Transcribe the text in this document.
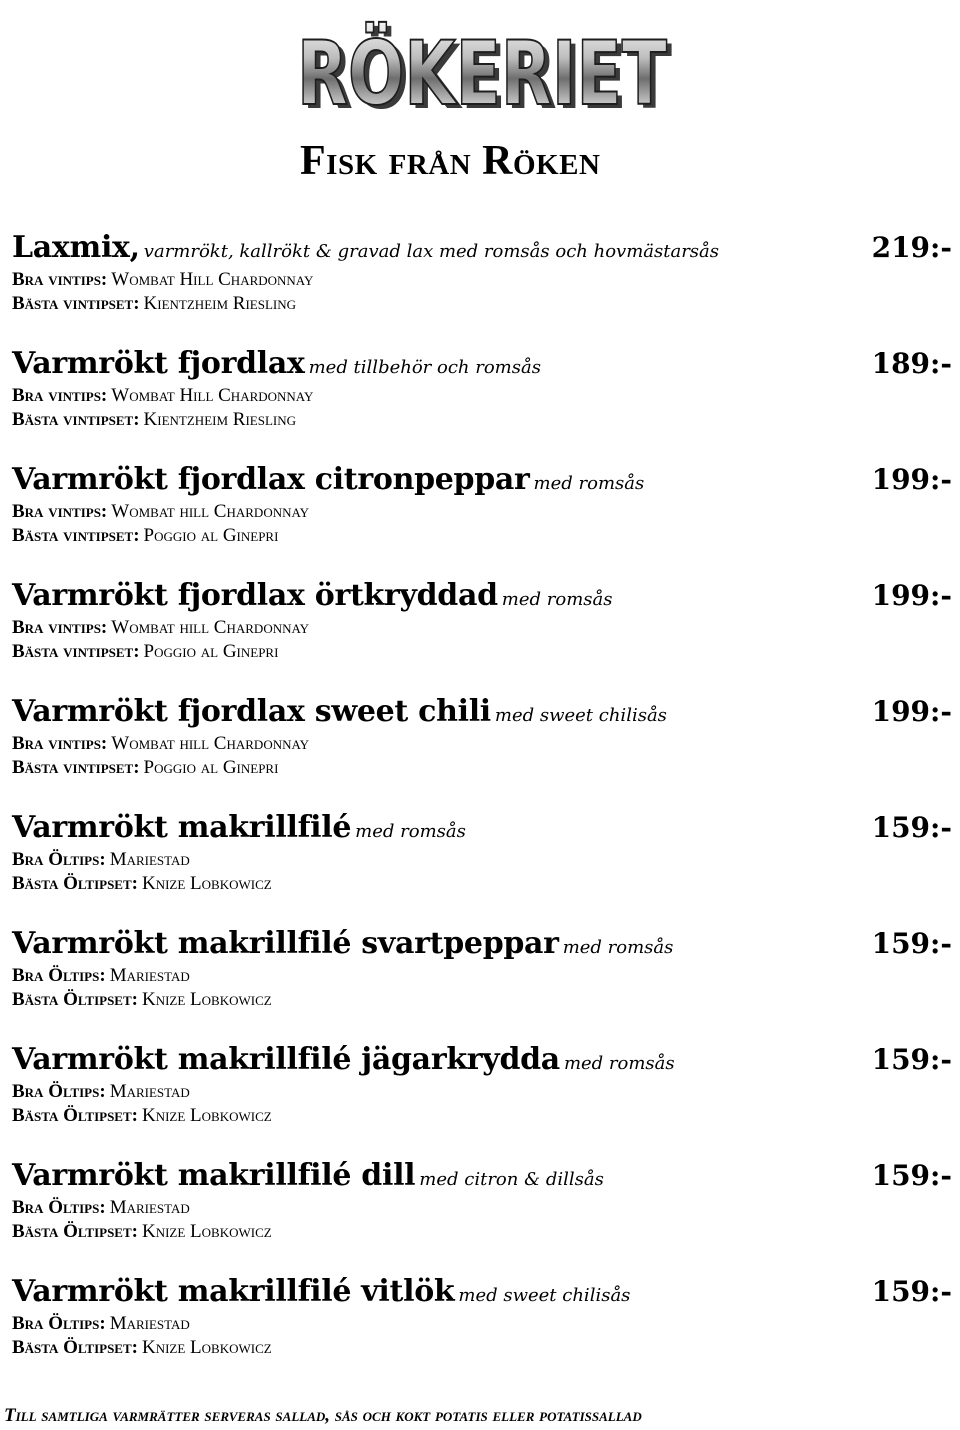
RÖKERIET
RÖKERIET
Fisk från Röken
Laxmix, varmrökt, kallrökt & gravad lax med romsås och hovmästarsås	219:-
Bra vintips: Wombat Hill Chardonnay
Bästa vintipset: Kientzheim Riesling
Varmrökt fjordlax med tillbehör och romsås	189:-
Bra vintips: Wombat Hill Chardonnay
Bästa vintipset: Kientzheim Riesling
Varmrökt fjordlax citronpeppar med romsås	199:-
Bra vintips: Wombat hill Chardonnay
Bästa vintipset: Poggio al Ginepri
Varmrökt fjordlax örtkryddad med romsås	199:-
Bra vintips: Wombat hill Chardonnay
Bästa vintipset: Poggio al Ginepri
Varmrökt fjordlax sweet chili med sweet chilisås	199:-
Bra vintips: Wombat hill Chardonnay
Bästa vintipset: Poggio al Ginepri
Varmrökt makrillfilé med romsås	159:-
Bra Öltips: Mariestad
Bästa Öltipset: Knize Lobkowicz
Varmrökt makrillfilé svartpeppar med romsås	159:-
Bra Öltips: Mariestad
Bästa Öltipset: Knize Lobkowicz
Varmrökt makrillfilé jägarkrydda med romsås	159:-
Bra Öltips: Mariestad
Bästa Öltipset: Knize Lobkowicz
Varmrökt makrillfilé dill med citron & dillsås	159:-
Bra Öltips: Mariestad
Bästa Öltipset: Knize Lobkowicz
Varmrökt makrillfilé vitlök med sweet chilisås	159:-
Bra Öltips: Mariestad
Bästa Öltipset: Knize Lobkowicz
Till samtliga varmrätter serveras sallad, sås och kokt potatis eller potatissallad
